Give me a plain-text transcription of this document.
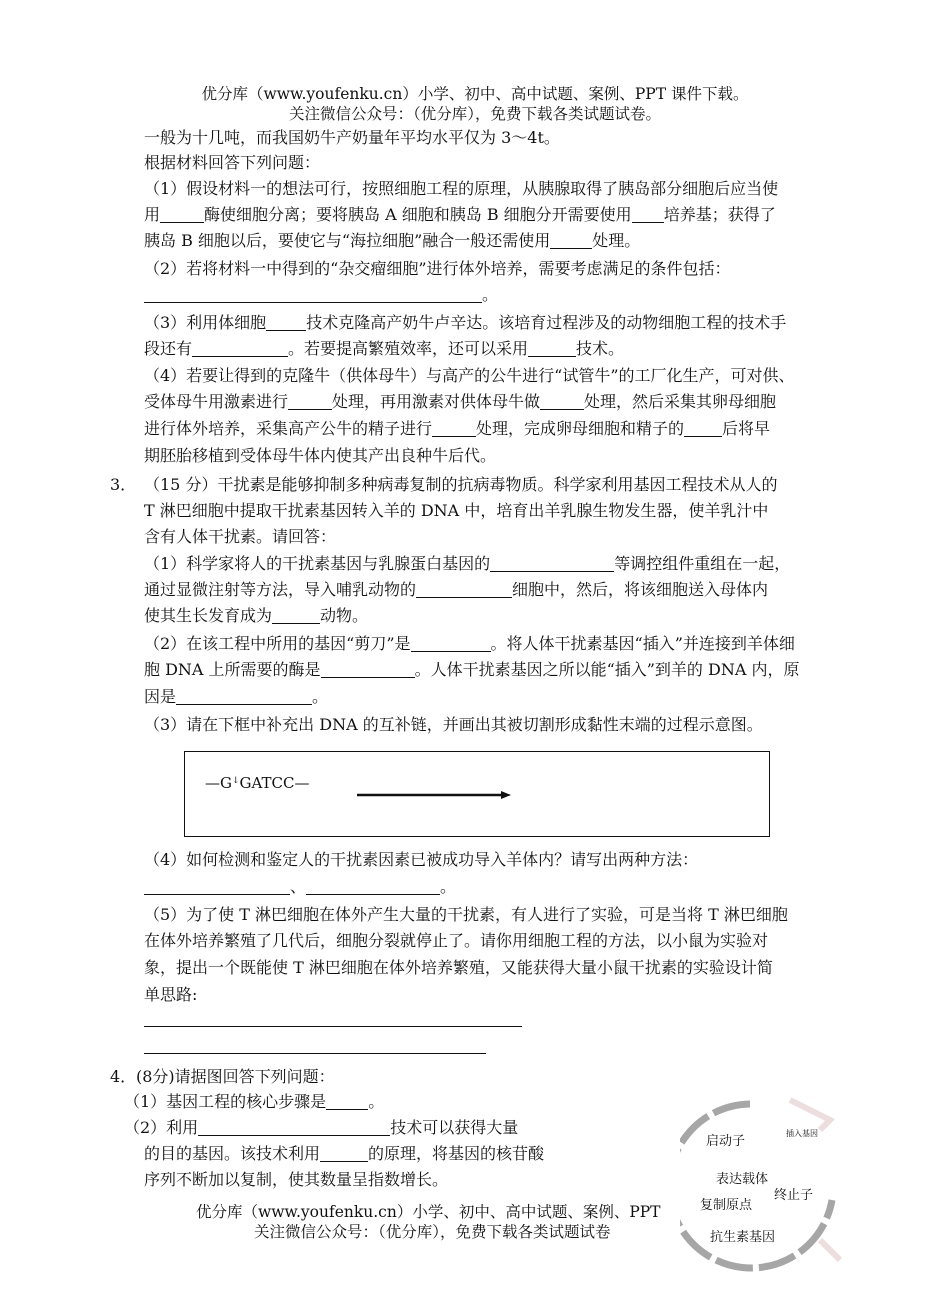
优分库（www.youfenku.cn）小学、初中、高中试题、案例、PPT 课件下载。
关注微信公众号：（优分库），免费下载各类试题试卷。
一般为十几吨，而我国奶牛产奶量年平均水平仅为 3～4t。
根据材料回答下列问题：
（1）假设材料一的想法可行，按照细胞工程的原理，从胰腺取得了胰岛部分细胞后应当使
用	酶使细胞分离；要将胰岛 A 细胞和胰岛 B 细胞分开需要使用 培养基；获得了
胰岛 B 细胞以后，要使它与“海拉细胞”融合一般还需使用	处理。
（2）若将材料一中得到的“杂交瘤细胞”进行体外培养，需要考虑满足的条件包括：
。
（3）利用体细胞	技术克隆高产奶牛卢辛达。该培育过程涉及的动物细胞工程的技术手
段还有	。若要提高繁殖效率，还可以采用	技术。
（4）若要让得到的克隆牛（供体母牛）与高产的公牛进行“试管牛”的工厂化生产，可对供、
受体母牛用激素进行	处理，再用激素对供体母牛做	处理，然后采集其卵母细胞
进行体外培养，采集高产公牛的精子进行	处理，完成卵母细胞和精子的 后将早
期胚胎移植到受体母牛体内使其产出良种牛后代。
3． （15 分）干扰素是能够抑制多种病毒复制的抗病毒物质。科学家利用基因工程技术从人的
T 淋巴细胞中提取干扰素基因转入羊的 DNA 中，培育出羊乳腺生物发生器，使羊乳汁中
含有人体干扰素。请回答：
（1）科学家将人的干扰素基因与乳腺蛋白基因的	等调控组件重组在一起，
通过显微注射等方法，导入哺乳动物的	细胞中，然后，将该细胞送入母体内
使其生长发育成为	动物。
（2）在该工程中所用的基因“剪刀”是	。将人体干扰素基因“插入”并连接到羊体细
胞 DNA 上所需要的酶是	。人体干扰素基因之所以能“插入”到羊的 DNA 内，原
因是	。
（3）请在下框中补充出 DNA 的互补链，并画出其被切割形成黏性末端的过程示意图。
—G↓GATCC—
（4）如何检测和鉴定人的干扰素因素已被成功导入羊体内？请写出两种方法：
、	。
（5）为了使 T 淋巴细胞在体外产生大量的干扰素，有人进行了实验，可是当将 T 淋巴细胞
在体外培养繁殖了几代后，细胞分裂就停止了。请你用细胞工程的方法，以小鼠为实验对
象，提出一个既能使 T 淋巴细胞在体外培养繁殖，又能获得大量小鼠干扰素的实验设计简
单思路:
4． (8分)请据图回答下列问题：
（1）基因工程的核心步骤是	。
（2）利用	技术可以获得大量
的目的基因。该技术利用	的原理，将基因的核苷酸
序列不断加以复制，使其数量呈指数增长。
启动子
插入基因
表达载体
终止子
复制原点
抗生素基因
优分库（www.youfenku.cn）小学、初中、高中试题、案例、PPT
关注微信公众号：（优分库），免费下载各类试题试卷
